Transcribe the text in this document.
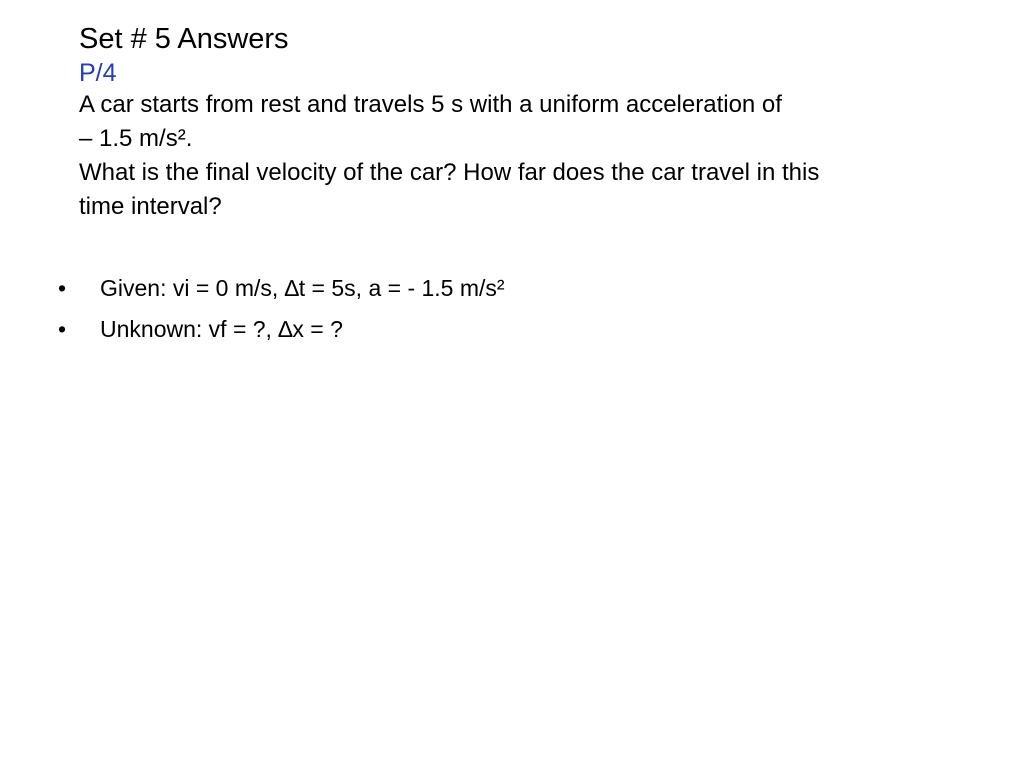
Set # 5 Answers
P/4
A car starts from rest and travels 5 s with a uniform acceleration of
– 1.5 m/s².
What is the final velocity of the car? How far does the car travel in this
time interval?
•	Given: vi = 0 m/s, ∆t = 5s, a = - 1.5 m/s²
•	Unknown: vf = ?, ∆x = ?
